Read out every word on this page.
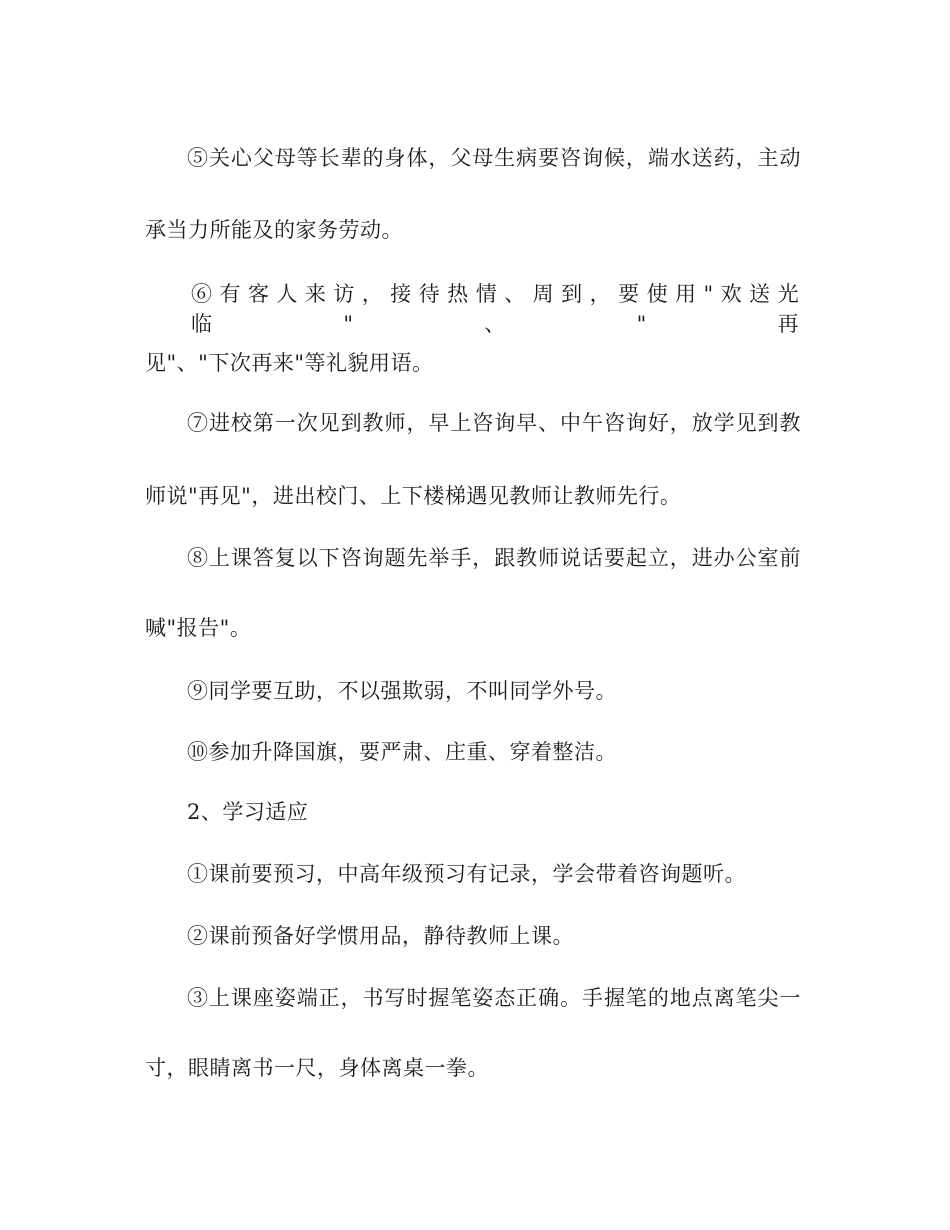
⑤关心父母等长辈的身体，父母生病要咨询候，端水送药，主动
承当力所能及的家务劳动。
⑥有客人来访，接待热情、周到，要使用"欢送光临"、"再
见"、"下次再来"等礼貌用语。
⑦进校第一次见到教师，早上咨询早、中午咨询好，放学见到教
师说"再见"，进出校门、上下楼梯遇见教师让教师先行。
⑧上课答复以下咨询题先举手，跟教师说话要起立，进办公室前
喊"报告"。
⑨同学要互助，不以强欺弱，不叫同学外号。
⑩参加升降国旗，要严肃、庄重、穿着整洁。
2、学习适应
①课前要预习，中高年级预习有记录，学会带着咨询题听。
②课前预备好学惯用品，静待教师上课。
③上课座姿端正，书写时握笔姿态正确。手握笔的地点离笔尖一
寸，眼睛离书一尺，身体离桌一拳。
